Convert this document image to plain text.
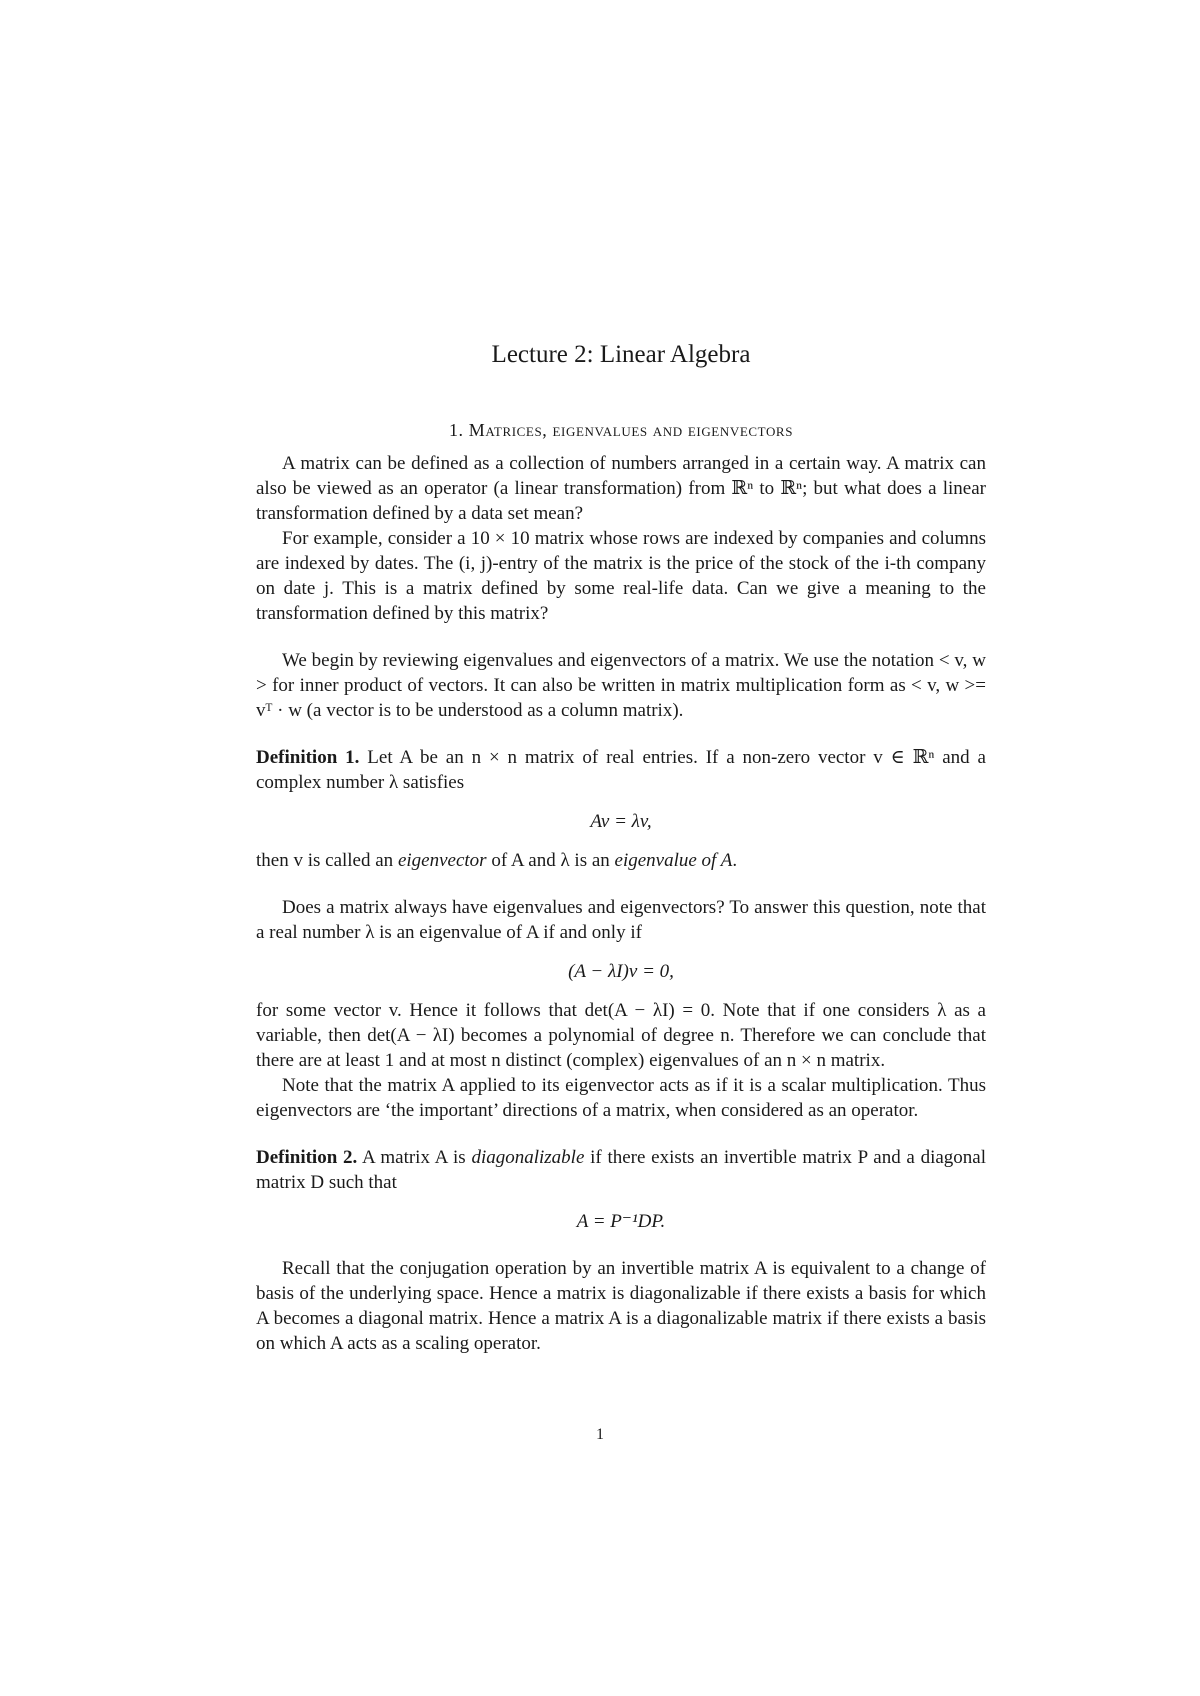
Lecture 2: Linear Algebra
1. Matrices, eigenvalues and eigenvectors

A matrix can be defined as a collection of numbers arranged in a certain way. A matrix can also be viewed as an operator (a linear transformation) from ℝⁿ to ℝⁿ; but what does a linear transformation defined by a data set mean?

For example, consider a 10 × 10 matrix whose rows are indexed by companies and columns are indexed by dates. The (i, j)-entry of the matrix is the price of the stock of the i-th company on date j. This is a matrix defined by some real-life data. Can we give a meaning to the transformation defined by this matrix?

We begin by reviewing eigenvalues and eigenvectors of a matrix. We use the notation < v, w > for inner product of vectors. It can also be written in matrix multiplication form as < v, w >= vᵀ · w (a vector is to be understood as a column matrix).

Definition 1. Let A be an n × n matrix of real entries. If a non-zero vector v ∈ ℝⁿ and a complex number λ satisfies

Av = λv,

then v is called an eigenvector of A and λ is an eigenvalue of A.

Does a matrix always have eigenvalues and eigenvectors? To answer this question, note that a real number λ is an eigenvalue of A if and only if

(A − λI)v = 0,

for some vector v. Hence it follows that det(A − λI) = 0. Note that if one considers λ as a variable, then det(A − λI) becomes a polynomial of degree n. Therefore we can conclude that there are at least 1 and at most n distinct (complex) eigenvalues of an n × n matrix.

Note that the matrix A applied to its eigenvector acts as if it is a scalar multiplication. Thus eigenvectors are ‘the important’ directions of a matrix, when considered as an operator.

Definition 2. A matrix A is diagonalizable if there exists an invertible matrix P and a diagonal matrix D such that

A = P⁻¹DP.

Recall that the conjugation operation by an invertible matrix A is equivalent to a change of basis of the underlying space. Hence a matrix is diagonalizable if there exists a basis for which A becomes a diagonal matrix. Hence a matrix A is a diagonalizable matrix if there exists a basis on which A acts as a scaling operator.

1
